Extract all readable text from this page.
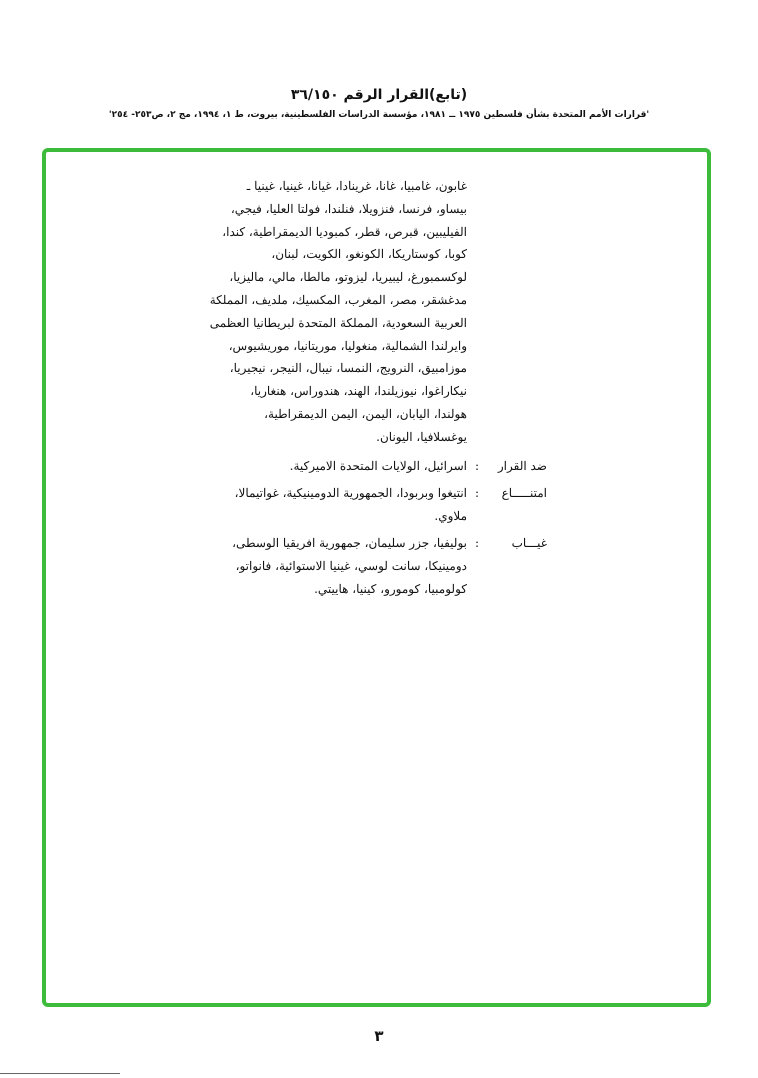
(تابع)القرار الرقم ٣٦/١٥٠
'قرارات الأمم المتحدة بشأن فلسطين ١٩٧٥ ــ ١٩٨١، مؤسسة الدراسات الفلسطينية، بيروت، ط ١، ١٩٩٤، مج ٢، ص٢٥٣- ٢٥٤'
غابون، غامبيا، غانا، غرينادا، غيانا، غينيا، غينيا ـ
بيساو، فرنسا، فنزويلا، فنلندا، فولتا العليا، فيجي،
الفيليبين، قبرص، قطر، كمبوديا الديمقراطية، كندا،
كوبا، كوستاريكا، الكونغو، الكويت، لبنان،
لوكسمبورغ، ليبيريا، ليزوتو، مالطا، مالي، ماليزيا،
مدغشقر، مصر، المغرب، المكسيك، ملديف، المملكة
العربية السعودية، المملكة المتحدة لبريطانيا العظمى
وايرلندا الشمالية، منغوليا، موريتانيا، موريشيوس،
موزامبيق، النرويج، النمسا، نيبال، النيجر، نيجيريا،
نيكاراغوا، نيوزيلندا، الهند، هندوراس، هنغاريا،
هولندا، اليابان، اليمن، اليمن الديمقراطية،
يوغسلافيا، اليونان.
ضد القرار
:
اسرائيل، الولايات المتحدة الاميركية.
امتنـــــاع
:
انتيغوا وبربودا، الجمهورية الدومينيكية، غواتيمالا،
ملاوي.
غيـــاب
:
بوليفيا، جزر سليمان، جمهورية افريقيا الوسطى،
دومينيكا، سانت لوسي، غينيا الاستوائية، فانواتو،
كولومبيا، كومورو، كينيا، هاييتي.
٣
